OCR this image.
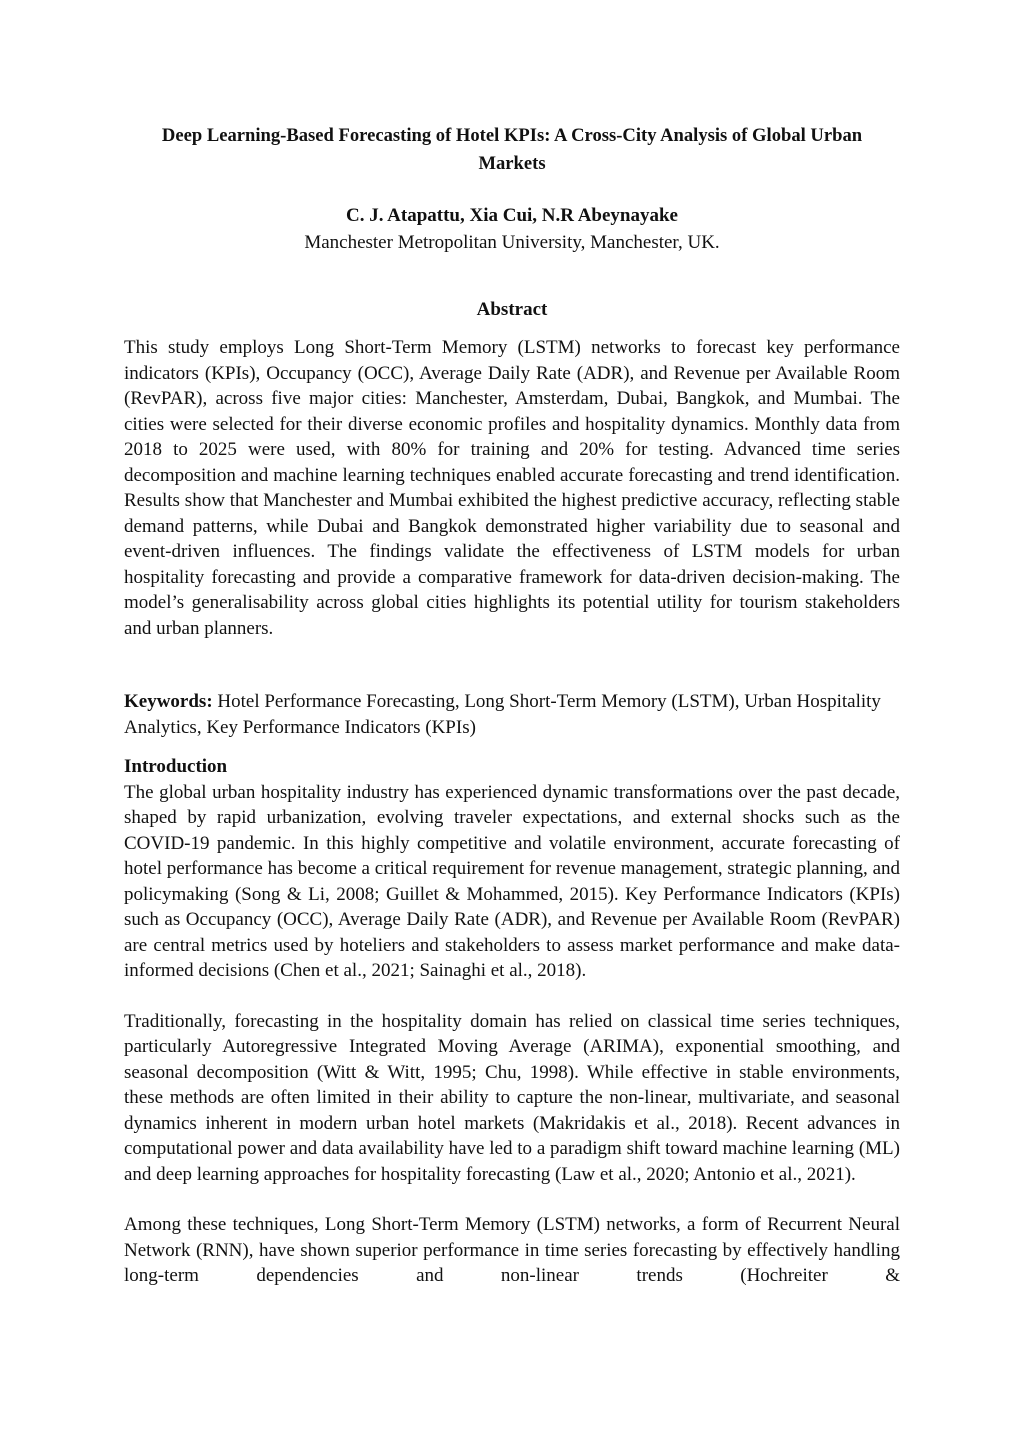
Deep Learning-Based Forecasting of Hotel KPIs: A Cross-City Analysis of Global Urban Markets
C. J. Atapattu, Xia Cui, N.R Abeynayake
Manchester Metropolitan University, Manchester, UK.
Abstract
This study employs Long Short-Term Memory (LSTM) networks to forecast key performance indicators (KPIs), Occupancy (OCC), Average Daily Rate (ADR), and Revenue per Available Room (RevPAR), across five major cities: Manchester, Amsterdam, Dubai, Bangkok, and Mumbai. The cities were selected for their diverse economic profiles and hospitality dynamics. Monthly data from 2018 to 2025 were used, with 80% for training and 20% for testing. Advanced time series decomposition and machine learning techniques enabled accurate forecasting and trend identification. Results show that Manchester and Mumbai exhibited the highest predictive accuracy, reflecting stable demand patterns, while Dubai and Bangkok demonstrated higher variability due to seasonal and event-driven influences. The findings validate the effectiveness of LSTM models for urban hospitality forecasting and provide a comparative framework for data-driven decision-making. The model’s generalisability across global cities highlights its potential utility for tourism stakeholders and urban planners.
Keywords: Hotel Performance Forecasting, Long Short-Term Memory (LSTM), Urban Hospitality Analytics, Key Performance Indicators (KPIs)
Introduction
The global urban hospitality industry has experienced dynamic transformations over the past decade, shaped by rapid urbanization, evolving traveler expectations, and external shocks such as the COVID-19 pandemic. In this highly competitive and volatile environment, accurate forecasting of hotel performance has become a critical requirement for revenue management, strategic planning, and policymaking (Song & Li, 2008; Guillet & Mohammed, 2015). Key Performance Indicators (KPIs) such as Occupancy (OCC), Average Daily Rate (ADR), and Revenue per Available Room (RevPAR) are central metrics used by hoteliers and stakeholders to assess market performance and make data-informed decisions (Chen et al., 2021; Sainaghi et al., 2018).
Traditionally, forecasting in the hospitality domain has relied on classical time series techniques, particularly Autoregressive Integrated Moving Average (ARIMA), exponential smoothing, and seasonal decomposition (Witt & Witt, 1995; Chu, 1998). While effective in stable environments, these methods are often limited in their ability to capture the non-linear, multivariate, and seasonal dynamics inherent in modern urban hotel markets (Makridakis et al., 2018). Recent advances in computational power and data availability have led to a paradigm shift toward machine learning (ML) and deep learning approaches for hospitality forecasting (Law et al., 2020; Antonio et al., 2021).
Among these techniques, Long Short-Term Memory (LSTM) networks, a form of Recurrent Neural Network (RNN), have shown superior performance in time series forecasting by effectively handling long-term dependencies and non-linear trends (Hochreiter &
